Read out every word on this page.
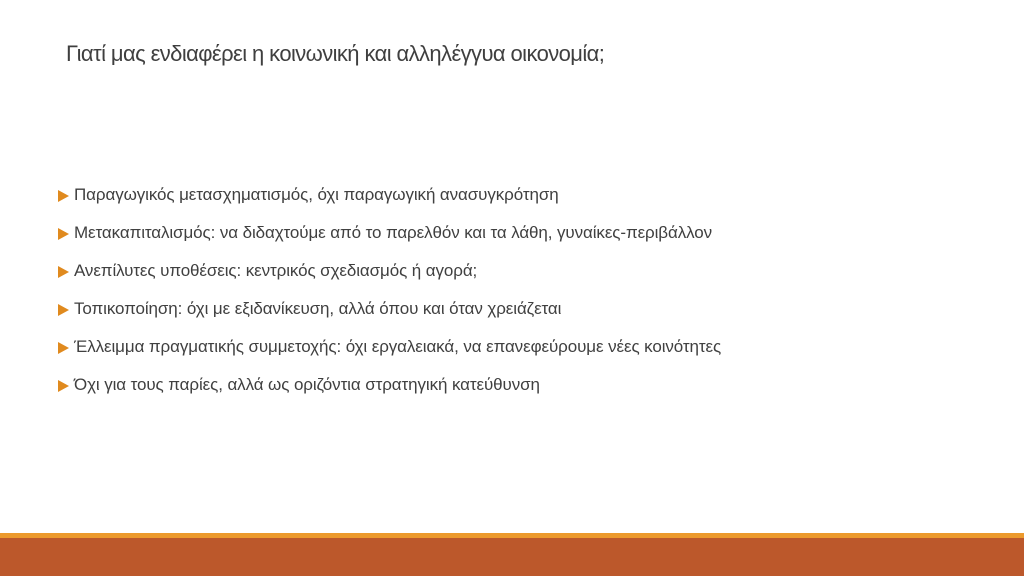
Γιατί μας ενδιαφέρει η κοινωνική και αλληλέγγυα οικονομία;
Παραγωγικός μετασχηματισμός, όχι παραγωγική ανασυγκρότηση
Μετακαπιταλισμός: να διδαχτούμε από το παρελθόν και τα λάθη, γυναίκες-περιβάλλον
Ανεπίλυτες υποθέσεις: κεντρικός σχεδιασμός ή αγορά;
Τοπικοποίηση: όχι με εξιδανίκευση, αλλά όπου και όταν χρειάζεται
Έλλειμμα πραγματικής συμμετοχής: όχι εργαλειακά, να επανεφεύρουμε νέες κοινότητες
Όχι για τους παρίες, αλλά ως οριζόντια στρατηγική κατεύθυνση
